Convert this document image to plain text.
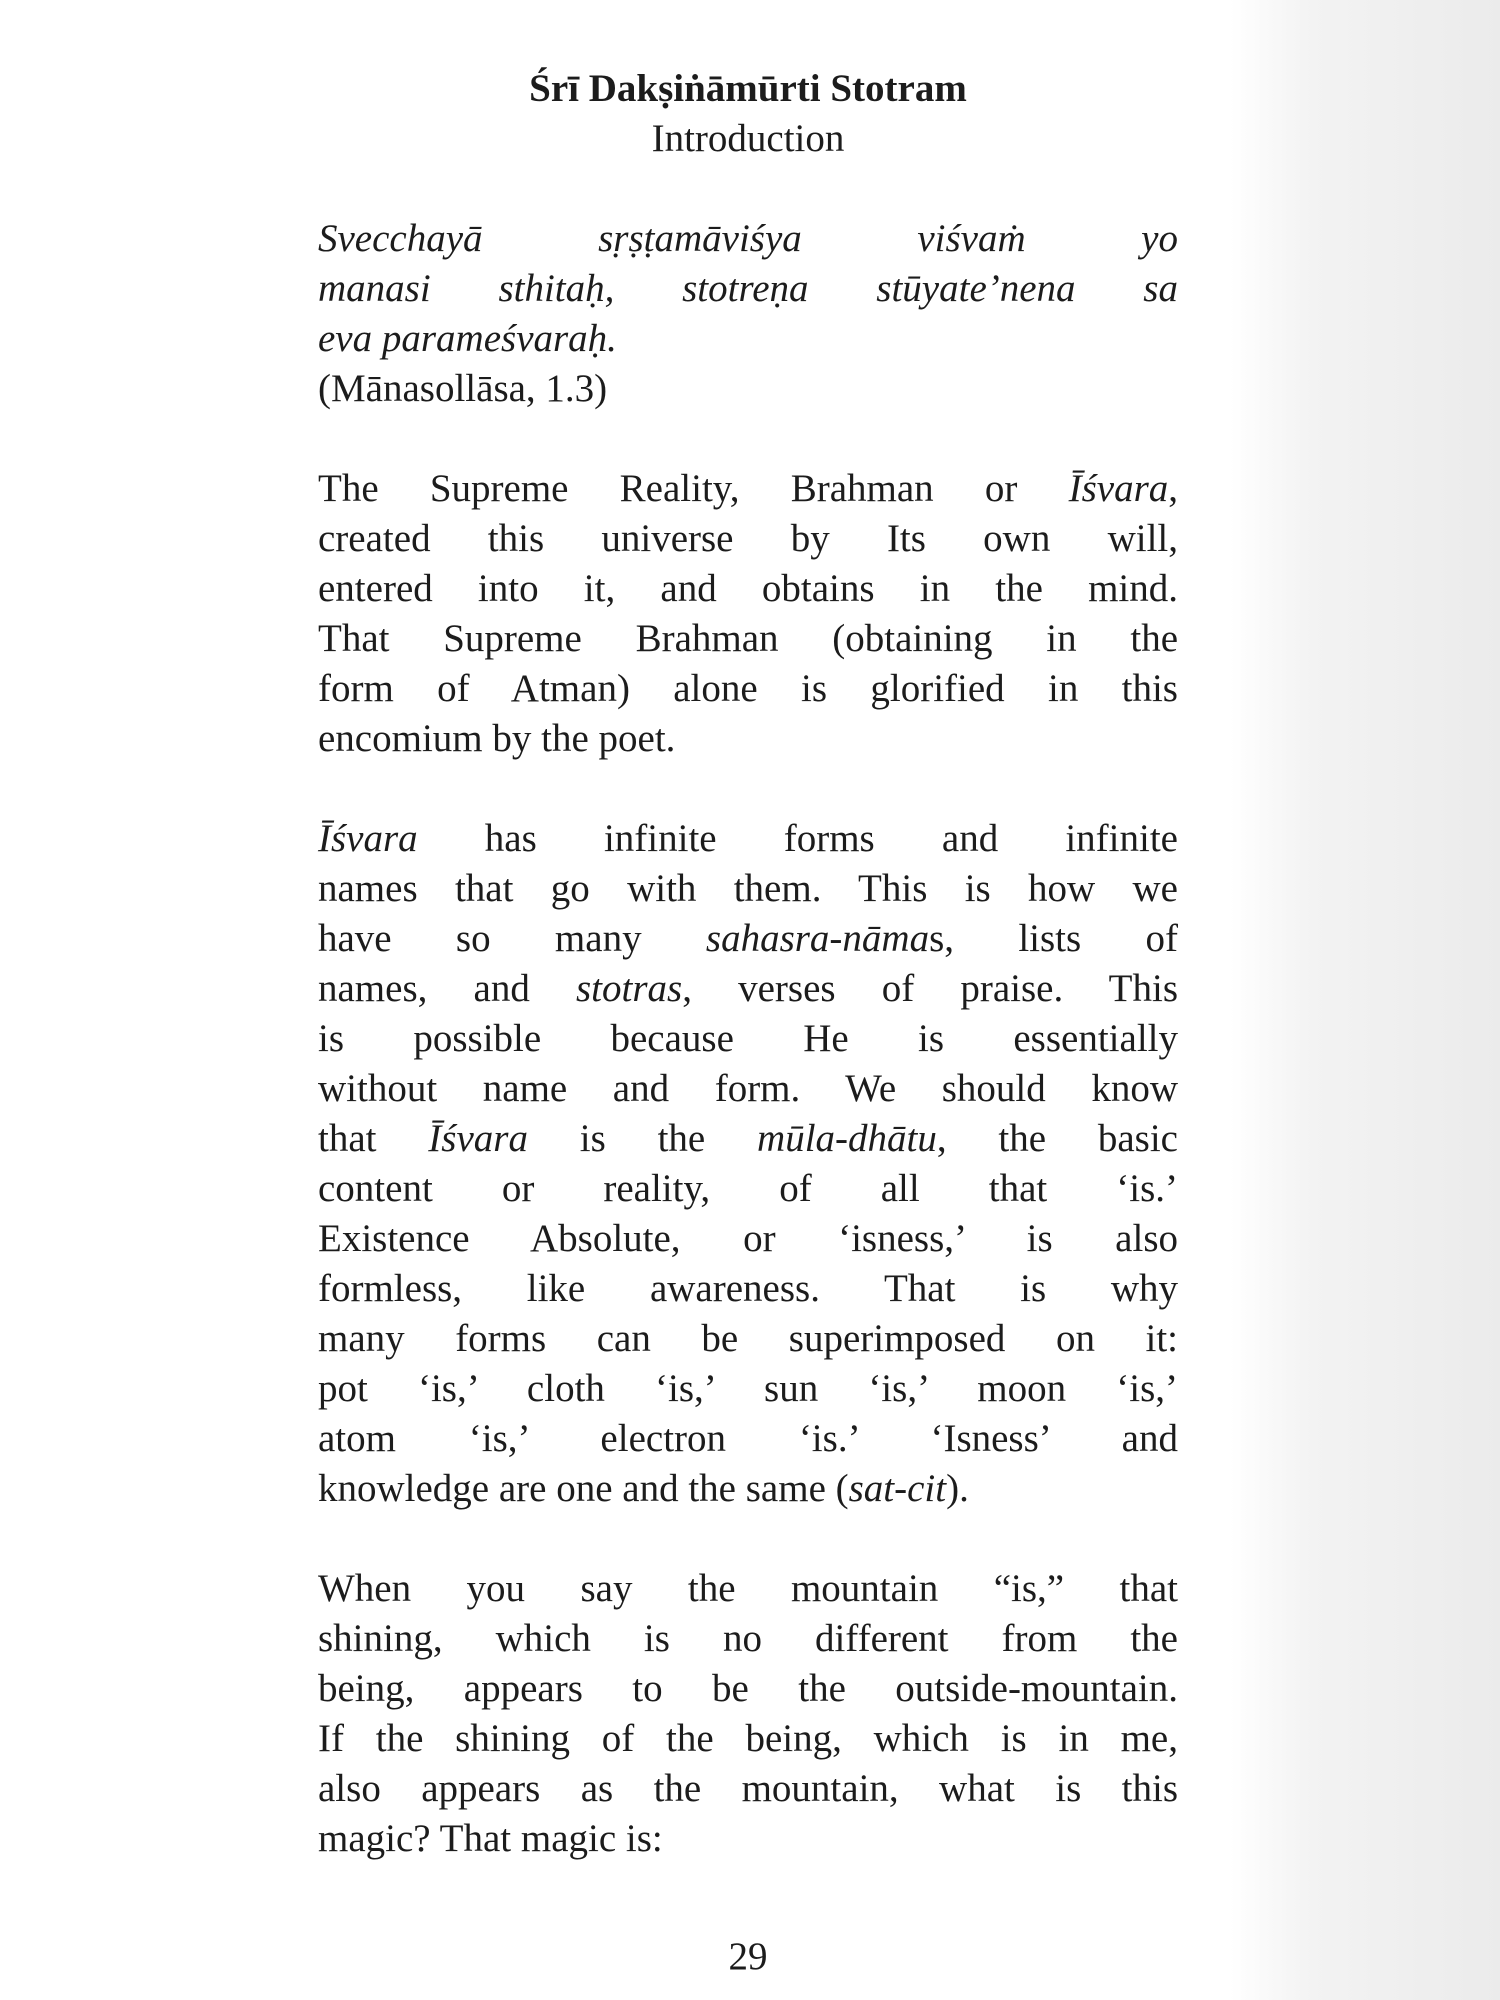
Śrī Dakṣiṅāmūrti Stotram
Introduction
Svecchayā sṛṣṭamāviśya viśvaṁ yo
manasi sthitaḥ, stotreṇa stūyate’nena sa
eva parameśvaraḥ.
(Mānasollāsa, 1.3)
The Supreme Reality, Brahman or Īśvara,
created this universe by Its own will,
entered into it, and obtains in the mind.
That Supreme Brahman (obtaining in the
form of Atman) alone is glorified in this
encomium by the poet.
Īśvara has infinite forms and infinite
names that go with them. This is how we
have so many sahasra-nāmas, lists of
names, and stotras, verses of praise. This
is possible because He is essentially
without name and form. We should know
that Īśvara is the mūla-dhātu, the basic
content or reality, of all that ‘is.’
Existence Absolute, or ‘isness,’ is also
formless, like awareness. That is why
many forms can be superimposed on it:
pot ‘is,’ cloth ‘is,’ sun ‘is,’ moon ‘is,’
atom ‘is,’ electron ‘is.’ ‘Isness’ and
knowledge are one and the same (sat-cit).
When you say the mountain “is,” that
shining, which is no different from the
being, appears to be the outside-mountain.
If the shining of the being, which is in me,
also appears as the mountain, what is this
magic? That magic is:
29
